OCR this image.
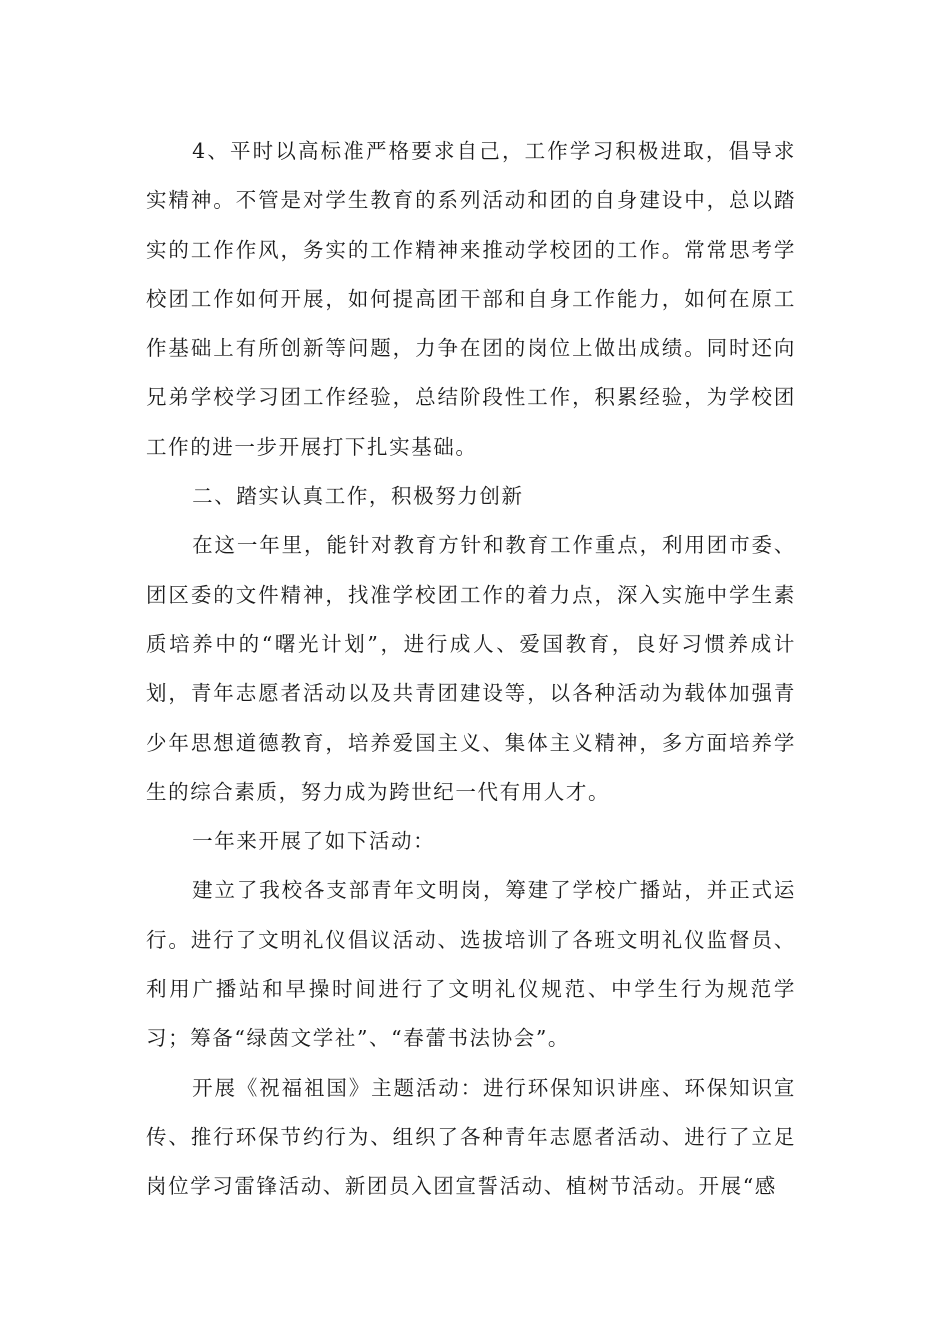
4、平时以高标准严格要求自己，工作学习积极进取，倡导求实精神。不管是对学生教育的系列活动和团的自身建设中，总以踏实的工作作风，务实的工作精神来推动学校团的工作。常常思考学校团工作如何开展，如何提高团干部和自身工作能力，如何在原工作基础上有所创新等问题，力争在团的岗位上做出成绩。同时还向兄弟学校学习团工作经验，总结阶段性工作，积累经验，为学校团工作的进一步开展打下扎实基础。

二、踏实认真工作，积极努力创新

在这一年里，能针对教育方针和教育工作重点，利用团市委、团区委的文件精神，找准学校团工作的着力点，深入实施中学生素质培养中的“曙光计划”，进行成人、爱国教育，良好习惯养成计划，青年志愿者活动以及共青团建设等，以各种活动为载体加强青少年思想道德教育，培养爱国主义、集体主义精神，多方面培养学生的综合素质，努力成为跨世纪一代有用人才。

一年来开展了如下活动：

建立了我校各支部青年文明岗，筹建了学校广播站，并正式运行。进行了文明礼仪倡议活动、选拔培训了各班文明礼仪监督员、利用广播站和早操时间进行了文明礼仪规范、中学生行为规范学习；筹备“绿茵文学社”、“春蕾书法协会”。

开展《祝福祖国》主题活动：进行环保知识讲座、环保知识宣传、推行环保节约行为、组织了各种青年志愿者活动、进行了立足岗位学习雷锋活动、新团员入团宣誓活动、植树节活动。开展“感
